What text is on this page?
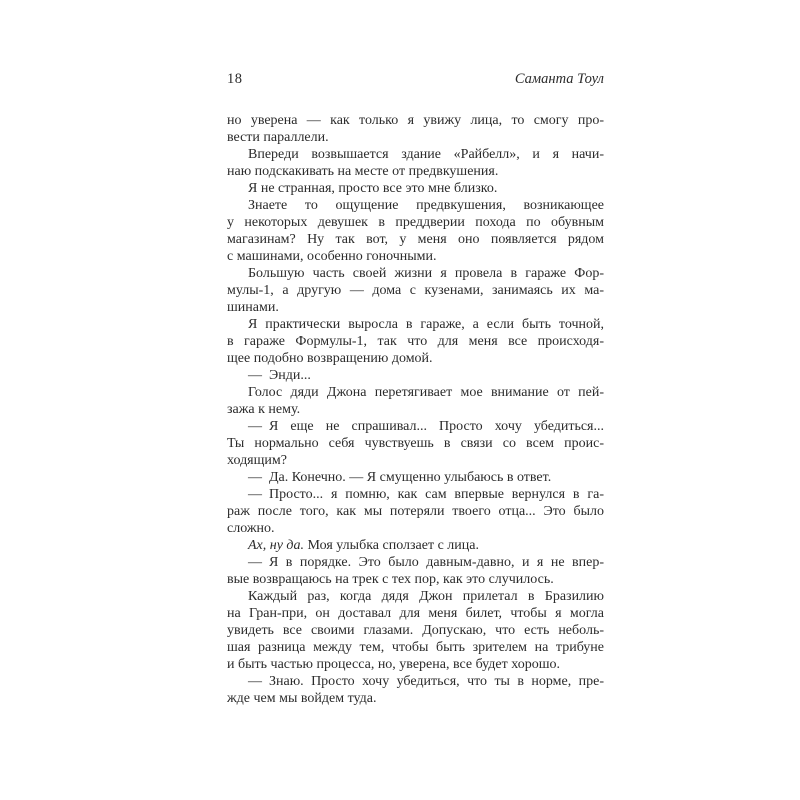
18	Саманта Тоул
но уверена — как только я увижу лица, то смогу про-
вести параллели.
Впереди возвышается здание «Райбелл», и я начи-
наю подскакивать на месте от предвкушения.
Я не странная, просто все это мне близко.
Знаете то ощущение предвкушения, возникающее
у некоторых девушек в преддверии похода по обувным
магазинам? Ну так вот, у меня оно появляется рядом
с машинами, особенно гоночными.
Большую часть своей жизни я провела в гараже Фор-
мулы-1, а другую — дома с кузенами, занимаясь их ма-
шинами.
Я практически выросла в гараже, а если быть точной,
в гараже Формулы-1, так что для меня все происходя-
щее подобно возвращению домой.
— Энди...
Голос дяди Джона перетягивает мое внимание от пей-
зажа к нему.
— Я еще не спрашивал... Просто хочу убедиться...
Ты нормально себя чувствуешь в связи со всем проис-
ходящим?
— Да. Конечно. — Я смущенно улыбаюсь в ответ.
— Просто... я помню, как сам впервые вернулся в га-
раж после того, как мы потеряли твоего отца... Это было
сложно.
Ах, ну да. Моя улыбка сползает с лица.
— Я в порядке. Это было давным-давно, и я не впер-
вые возвращаюсь на трек с тех пор, как это случилось.
Каждый раз, когда дядя Джон прилетал в Бразилию
на Гран-при, он доставал для меня билет, чтобы я могла
увидеть все своими глазами. Допускаю, что есть неболь-
шая разница между тем, чтобы быть зрителем на трибуне
и быть частью процесса, но, уверена, все будет хорошо.
— Знаю. Просто хочу убедиться, что ты в норме, пре-
жде чем мы войдем туда.
